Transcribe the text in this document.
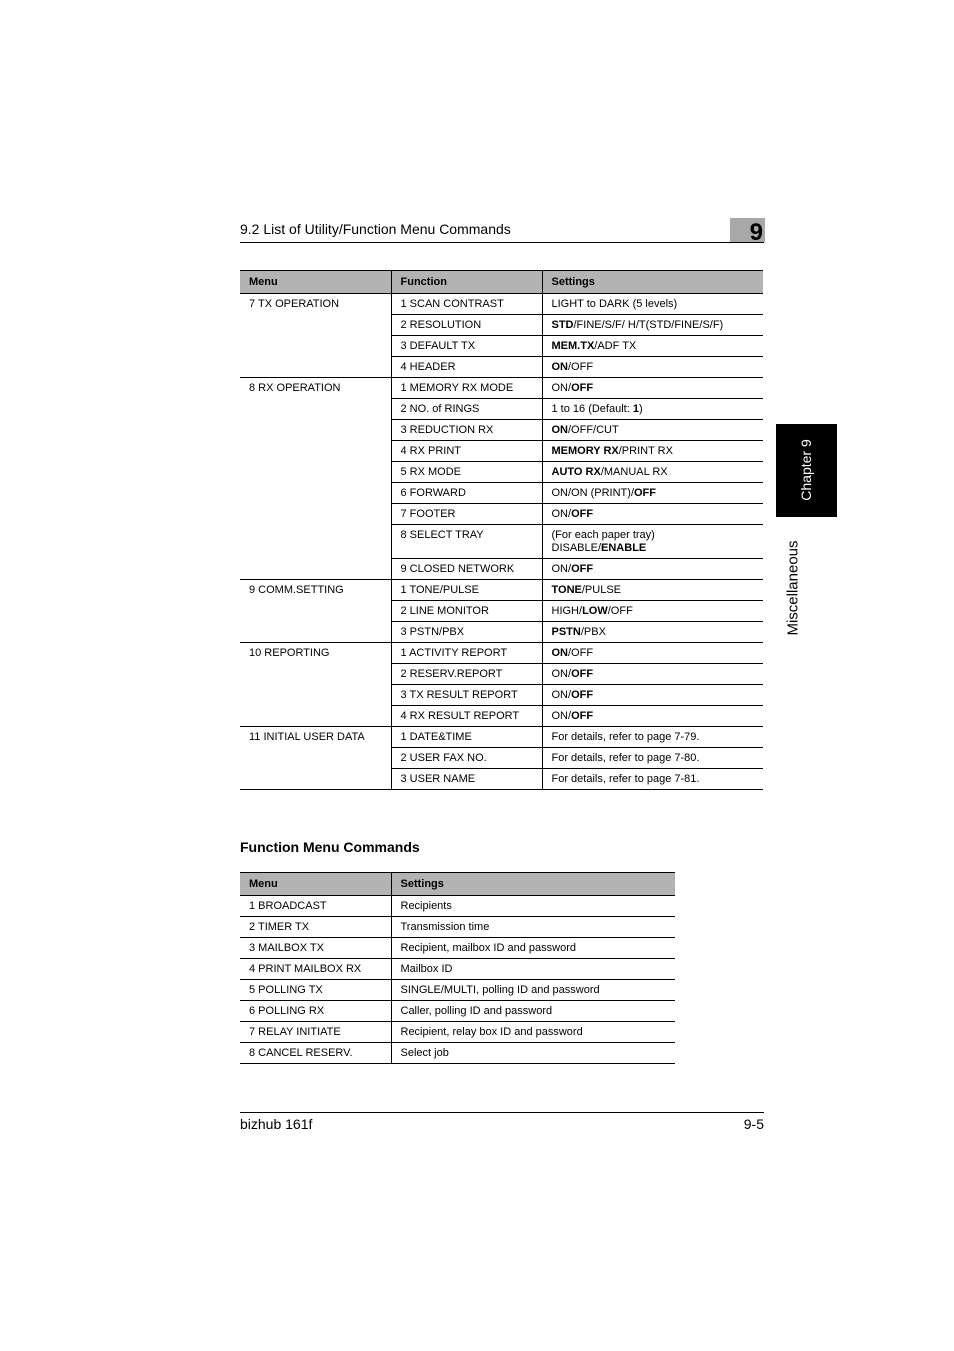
9.2 List of Utility/Function Menu Commands	9
Chapter 9
Miscellaneous
Menu	Function	Settings
7 TX OPERATION	1 SCAN CONTRAST	LIGHT to DARK (5 levels)
	2 RESOLUTION	STD/FINE/S/F/ H/T(STD/FINE/S/F)
	3 DEFAULT TX	MEM.TX/ADF TX
	4 HEADER	ON/OFF
8 RX OPERATION	1 MEMORY RX MODE	ON/OFF
	2 NO. of RINGS	1 to 16 (Default: 1)
	3 REDUCTION RX	ON/OFF/CUT
	4 RX PRINT	MEMORY RX/PRINT RX
	5 RX MODE	AUTO RX/MANUAL RX
	6 FORWARD	ON/ON (PRINT)/OFF
	7 FOOTER	ON/OFF
	8 SELECT TRAY	(For each paper tray)
DISABLE/ENABLE
	9 CLOSED NETWORK	ON/OFF
9 COMM.SETTING	1 TONE/PULSE	TONE/PULSE
	2 LINE MONITOR	HIGH/LOW/OFF
	3 PSTN/PBX	PSTN/PBX
10 REPORTING	1 ACTIVITY REPORT	ON/OFF
	2 RESERV.REPORT	ON/OFF
	3 TX RESULT REPORT	ON/OFF
	4 RX RESULT REPORT	ON/OFF
11 INITIAL USER DATA	1 DATE&TIME	For details, refer to page 7-79.
	2 USER FAX NO.	For details, refer to page 7-80.
	3 USER NAME	For details, refer to page 7-81.
Function Menu Commands
Menu	Settings
1 BROADCAST	Recipients
2 TIMER TX	Transmission time
3 MAILBOX TX	Recipient, mailbox ID and password
4 PRINT MAILBOX RX	Mailbox ID
5 POLLING TX	SINGLE/MULTI, polling ID and password
6 POLLING RX	Caller, polling ID and password
7 RELAY INITIATE	Recipient, relay box ID and password
8 CANCEL RESERV.	Select job
bizhub 161f	9-5
